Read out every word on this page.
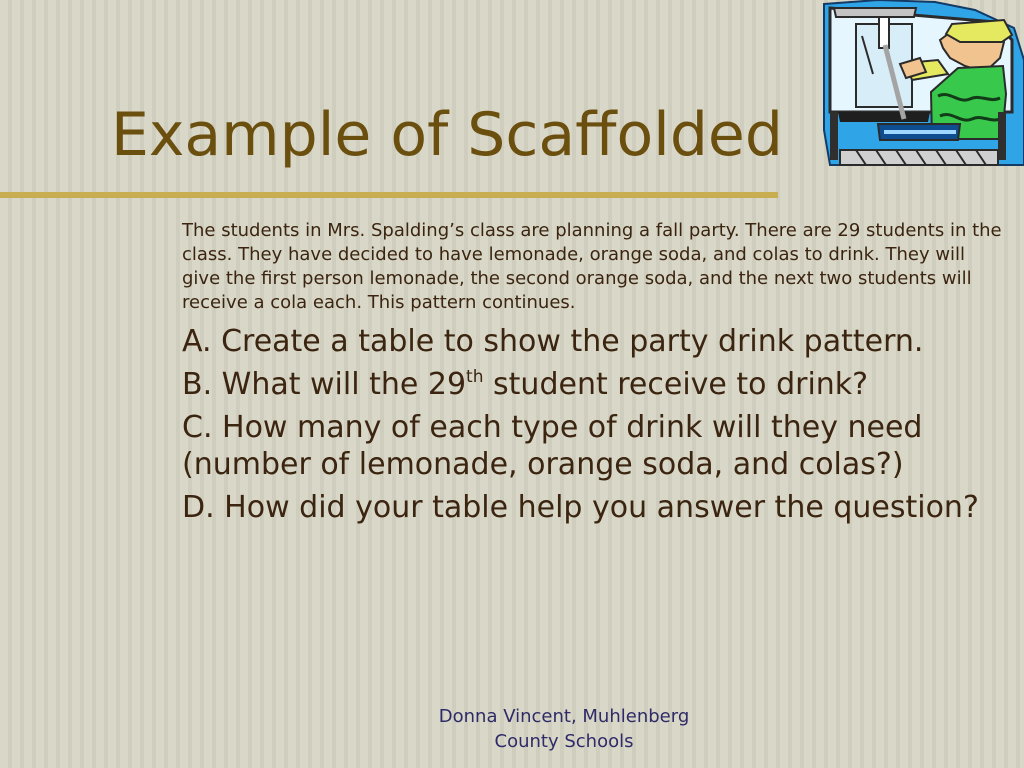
Example of Scaffolded

The students in Mrs. Spalding’s class are planning a fall party. There are 29 students in the class. They have decided to have lemonade, orange soda, and colas to drink. They will give the first person lemonade, the second orange soda, and the next two students will receive a cola each. This pattern continues.

A. Create a table to show the party drink pattern.

B. What will the 29th student receive to drink?

C. How many of each type of drink will they need (number of lemonade, orange soda, and colas?)

D. How did your table help you answer the question?

Donna Vincent, Muhlenberg
County Schools
